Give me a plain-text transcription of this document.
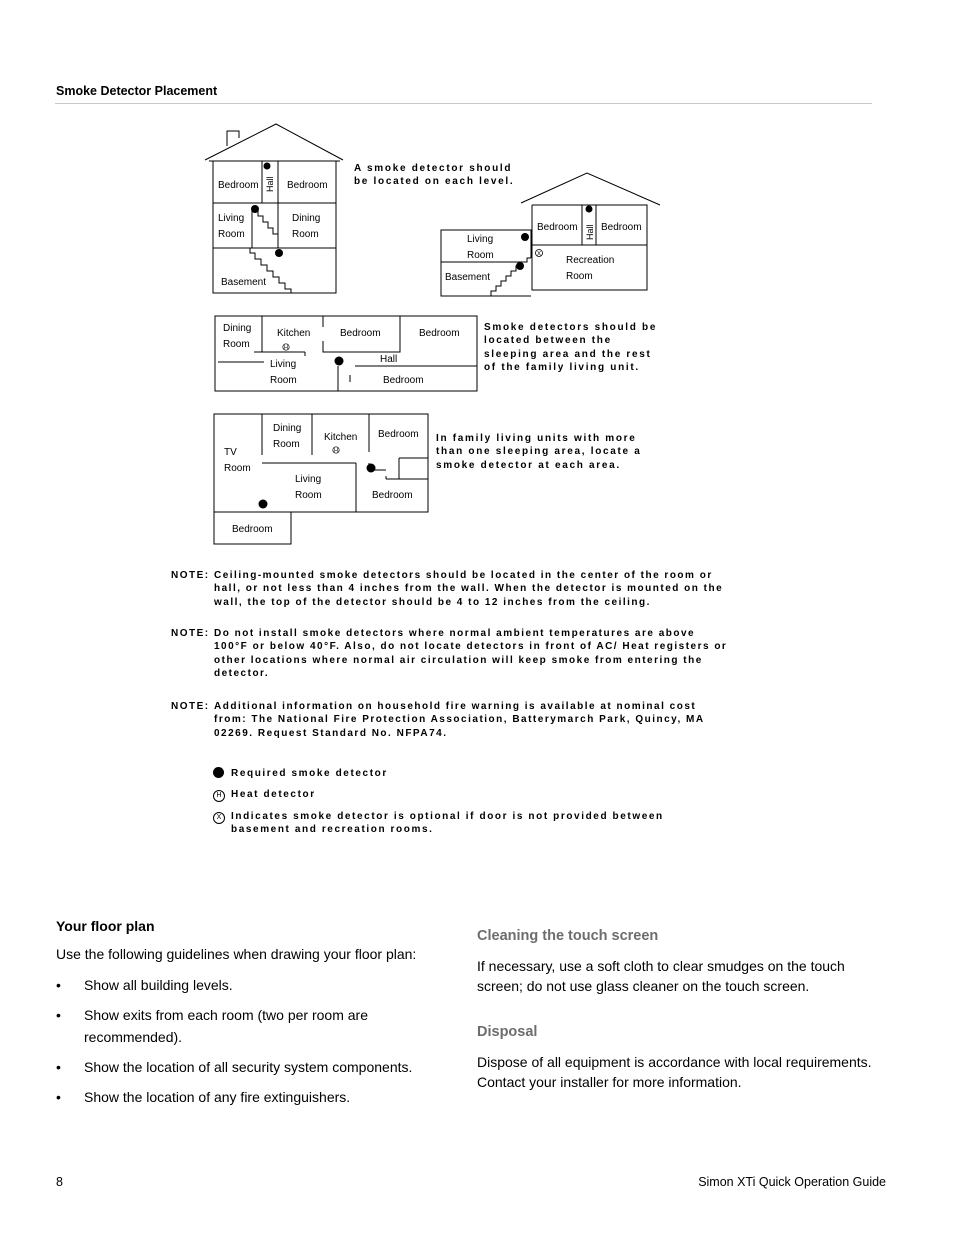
Smoke Detector Placement
Bedroom Hall Bedroom
Living
Room
Dining
Room
Basement
X
Bedroom Hall Bedroom
Living
Room
Basement
Recreation
Room
H
Dining
Room
Kitchen	Bedroom	Bedroom
Living
Room
Hall
Bedroom
H
TV
Room
Dining
Room
Kitchen Bedroom
Living
Room	Bedroom
Bedroom
A smoke detector should be located on each level.
Smoke detectors should be located between the sleeping area and the rest of the family living unit.
In family living units with more than one sleeping area, locate a smoke detector at each area.
NOTE: Ceiling-mounted smoke detectors should be located in the center of the room or hall, or not less than 4 inches from the wall. When the detector is mounted on the wall, the top of the detector should be 4 to 12 inches from the ceiling.
NOTE: Do not install smoke detectors where normal ambient temperatures are above 100°F or below 40°F. Also, do not locate detectors in front of AC/ Heat registers or other locations where normal air circulation will keep smoke from entering the detector.
NOTE: Additional information on household fire warning is available at nominal cost from: The National Fire Protection Association, Batterymarch Park, Quincy, MA 02269. Request Standard No. NFPA74.
Required smoke detector
H Heat detector
X Indicates smoke detector is optional if door is not provided between basement and recreation rooms.
Your floor plan

Use the following guidelines when drawing your floor plan:

• Show all building levels.
• Show exits from each room (two per room are recommended).
• Show the location of all security system components.
• Show the location of any fire extinguishers.
Cleaning the touch screen

If necessary, use a soft cloth to clear smudges on the touch screen; do not use glass cleaner on the touch screen.

Disposal

Dispose of all equipment is accordance with local requirements. Contact your installer for more information.

8	Simon XTi Quick Operation Guide
